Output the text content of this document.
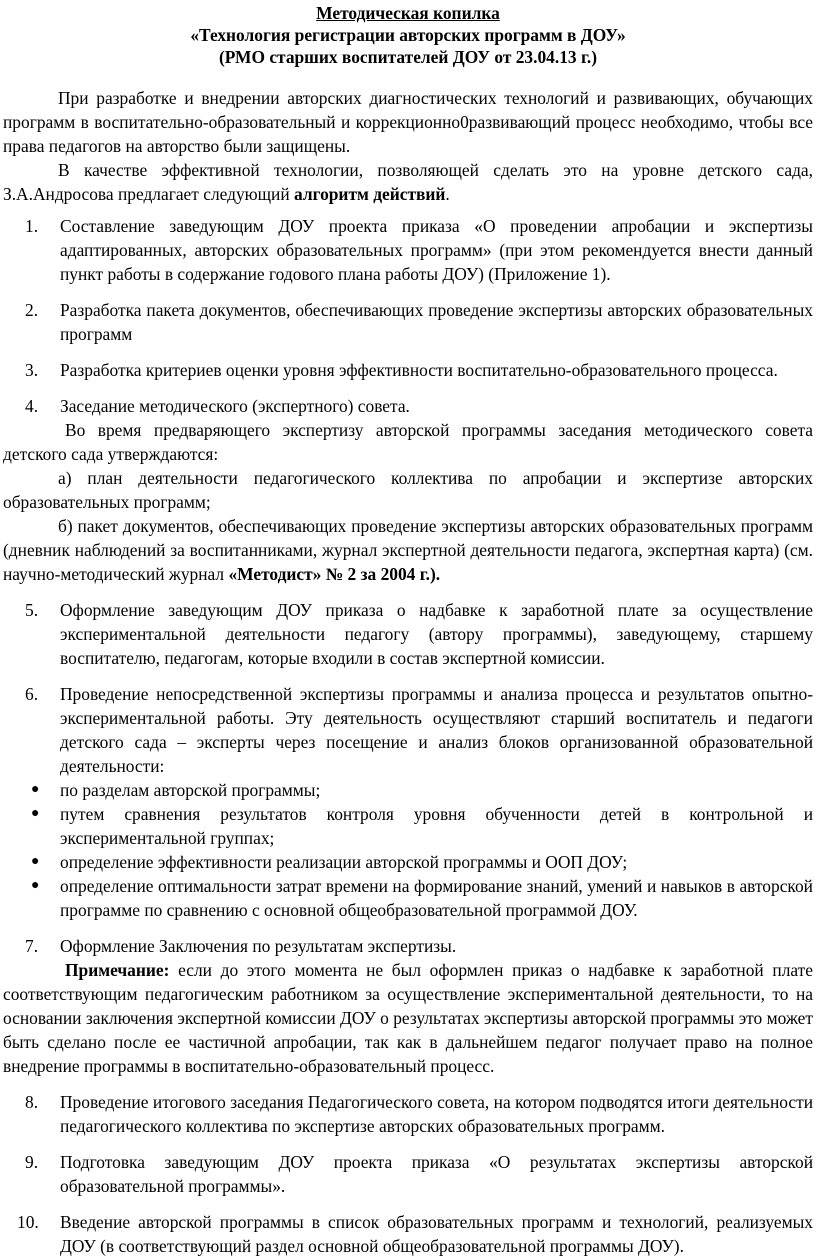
Методическая копилка
«Технология регистрации авторских программ в ДОУ»
(РМО старших воспитателей ДОУ от 23.04.13 г.)

При разработке и внедрении авторских диагностических технологий и развивающих, обучающих программ в воспитательно-образовательный и коррекционно0развивающий процесс необходимо, чтобы все права педагогов на авторство были защищены.

В качестве эффективной технологии, позволяющей сделать это на уровне детского сада, З.А.Андросова предлагает следующий алгоритм действий.

1. Составление заведующим ДОУ проекта приказа «О проведении апробации и экспертизы адаптированных, авторских образовательных программ» (при этом рекомендуется внести данный пункт работы в содержание годового плана работы ДОУ) (Приложение 1).
2. Разработка пакета документов, обеспечивающих проведение экспертизы авторских образовательных программ
3. Разработка критериев оценки уровня эффективности воспитательно-образовательного процесса.
4. Заседание методического (экспертного) совета.

Во время предваряющего экспертизу авторской программы заседания методического совета детского сада утверждаются:

а) план деятельности педагогического коллектива по апробации и экспертизе авторских образовательных программ;

б) пакет документов, обеспечивающих проведение экспертизы авторских образовательных программ (дневник наблюдений за воспитанниками, журнал экспертной деятельности педагога, экспертная карта) (см. научно-методический журнал «Методист» № 2 за 2004 г.).

5. Оформление заведующим ДОУ приказа о надбавке к заработной плате за осуществление экспериментальной деятельности педагогу (автору программы), заведующему, старшему воспитателю, педагогам, которые входили в состав экспертной комиссии.
6. Проведение непосредственной экспертизы программы и анализа процесса и результатов опытно-экспериментальной работы. Эту деятельность осуществляют старший воспитатель и педагоги детского сада – эксперты через посещение и анализ блоков организованной образовательной деятельности:
● по разделам авторской программы;
● путем сравнения результатов контроля уровня обученности детей в контрольной и экспериментальной группах;
● определение эффективности реализации авторской программы и ООП ДОУ;
● определение оптимальности затрат времени на формирование знаний, умений и навыков в авторской программе по сравнению с основной общеобразовательной программой ДОУ.
7. Оформление Заключения по результатам экспертизы.

Примечание: если до этого момента не был оформлен приказ о надбавке к заработной плате соответствующим педагогическим работником за осуществление экспериментальной деятельности, то на основании заключения экспертной комиссии ДОУ о результатах экспертизы авторской программы это может быть сделано после ее частичной апробации, так как в дальнейшем педагог получает право на полное внедрение программы в воспитательно-образовательный процесс.

8. Проведение итогового заседания Педагогического совета, на котором подводятся итоги деятельности педагогического коллектива по экспертизе авторских образовательных программ.
9. Подготовка заведующим ДОУ проекта приказа «О результатах экспертизы авторской образовательной программы».
10. Введение авторской программы в список образовательных программ и технологий, реализуемых ДОУ (в соответствующий раздел основной общеобразовательной программы ДОУ).
